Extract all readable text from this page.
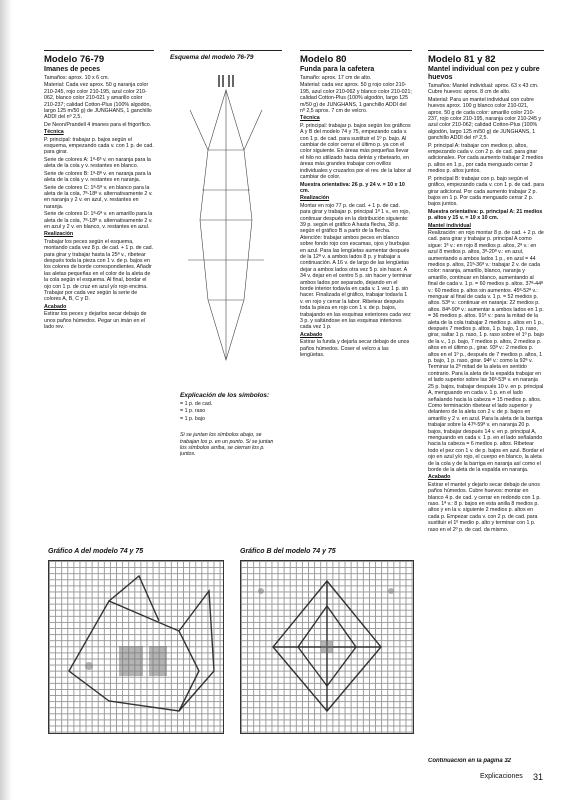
Modelo 76-79

Imanes de peces

Tamaños: aprox. 10 x 6 cm.

Material: Cada vez aprox. 50 g naranja color 210-245, rojo color 210-195, azul color 210-062, blanco color 210-021 y amarillo color 210-237; calidad Cotton-Plus (100% algodón, largo 125 m/50 g) de JUNGHANS, 1 ganchillo ADDI del nº 2,5.

De Neon/Prandell 4 imanes para el frigorífico.

Técnica

P. principal: trabajar p. bajos según el esquema, empezando cada v. con 1 p. de cad. para girar.

Serie de colores A: 1ª-6ª v. en naranja para la aleta de la cola y v. restantes en blanco.

Serie de colores B: 1ª-8ª v. en naranja para la aleta de la cola y v. restantes en naranja.

Serie de colores C: 1ª-5ª v. en blanco para la aleta de la cola, 7ª-18ª v. alternativamente 2 v. en naranja y 2 v. en azul, v. restantes en naranja.

Serie de colores D: 1ª-6ª v. en amarillo para la aleta de la cola, 7ª-18ª v. alternativamente 2 v. en azul y 2 v. en blanco, v. restantes en azul.

Realización

Trabajar los peces según el esquema, montando cada vez 8 p. de cad. + 1 p. de cad. para girar y trabajar hasta la 25ª v., ribetear después toda la pieza con 1 v. de p. bajos en los colores de borde correspondientes. Añadir las aletas pequeñas en el color de la aleta de la cola según el esquema. Al final, bordar el ojo con 1 p. de cruz en azul y/o rojo encima. Trabajar por cada vez según la serie de colores A, B, C y D.

Acabado

Estirar los peces y dejarlos secar debajo de unos paños húmedos. Pegar un imán en el lado rev.

Esquema del modelo 76-79

Explicación de los símbolos:

= 1 p. de cad.

= 1 p. raso

= 1 p. bajo

Si se juntan los símbolos abajo, se trabajan los p. en un punto. Si se juntan los símbolos arriba, se cierran los p. juntos.

Modelo 80

Funda para la cafetera

Tamaño: aprox. 17 cm de alto.

Material: cada vez aprox. 50 g rojo color 210-195, azul color 210-062 y blanco color 210-021; calidad Cotton-Plus (100% algodón, largo 125 m/50 g) de JUNGHANS, 1 ganchillo ADDI del nº 2,5 aprox. 7 cm de velcro.

Técnica

P. principal: trabajar p. bajos según los gráficos A y B del modelo 74 y 75, empezando cada v. con 1 p. de cad. para sustituir el 1º p. bajo. Al cambiar de color cerrar el último p. ya con el color siguiente. En áreas más pequeñas llevar el hilo no utilizado hacia detrás y ribetearlo, en áreas más grandes trabajar con ovillos individuales y cruzarlos por el rev. de la labor al cambiar de color.

Muestra orientativa: 26 p. y 24 v. = 10 x 10 cm.

Realización

Montar en rojo 77 p. de cad. + 1 p. de cad. para girar y trabajar p. principal 1ª 1 v., en rojo, continuar después en la distribución siguiente: 39 p. según el gráfico A hasta flecha, 38 p. según el gráfico B a partir de la flecha. Atención: trabajar ambos peces en blanco sobre fondo rojo con escamas, ojos y burbujas en azul. Para las lengüetas aumentar después de la 12ª v. a ambos lados 8 p. y trabajar a continuación. A 16 v. de largo de las lengüetas dejar a ambos lados otra vez 5 p. sin hacer. A 34 v. dejar en el centro 5 p. sin hacer y terminar ambos lados por separado, dejando en el borde interior todavía en cada v. 1 vez 1 p. sin hacer. Finalizada el gráfico, trabajar todavía 1 v. en rojo y cerrar la labor. Ribetear después toda la pieza en rojo con 1 v. de p. bajos, trabajando en las esquinas exteriores cada vez 3 p. y saltándose en las esquinas interiores cada vez 1 p.

Acabado

Estirar la funda y dejarla secar debajo de unos paños húmedos. Coser el velcro a las lengüetas.

Modelo 81 y 82

Mantel individual con pez y cubre huevos

Tamaños: Mantel individual: aprox. 63 x 43 cm. Cubre huevos: aprox. 8 cm de alto.

Material: Para un mantel individual con cubre huevos aprox. 100 g blanco color 210-021, aprox. 50 g de cada color: amarillo color 210-237, rojo color 210-195, naranja color 210-245 y azul color 210-062; calidad Cotton-Plus (100% algodón, largo 125 m/50 g) de JUNGHANS, 1 ganchillo ADDI del nº 2,5.

P. principal A: trabajar con medios p. altos, empezando cada v. con 2 p. de cad. para girar adicionales. Por cada aumento trabajar 2 medios p. altos en 1 p., por cada menguado cerrar 2 medios p. altos juntos.

P. principal B: trabajar con p. bajo según el gráfico, empezando cada v. con 1 p. de cad. para girar adicional. Por cada aumento trabajar 2 p. bajos en 1 p. Por cada menguado cerrar 2 p. bajos juntos.

Muestra orientativa: p. principal A: 21 medios p. altos y 15 v. = 10 x 10 cm.

Mantel individual

Realización: en rojo montar 8 p. de cad. + 2 p. de cad. para girar y trabajar p. principal A como sigue: 1ª v.: en rojo 8 medios p. altos, 2ª v.: en azul 8 medios p. altos, 3ª-20ª v.: en azul, aumentando a ambos lados 1 p., en azul = 44 medios p. altos, 21ª-36ª v.: trabajar 2 v. de cada color: naranja, amarillo, blanco, naranja y amarillo, continuar en blanco, aumentando al final de cada v. 1 p. = 60 medios p. altos. 37ª-44ª v.: 60 medios p. altos sin aumentos. 45ª-52ª v.: menguar al final de cada v. 1 p. = 52 medios p. altos. 53ª v.: continuar en naranja: 22 medios p. altos. 84ª-90ª v.: aumentar a ambos lados en 1 p. = 36 medios p. altos. 91ª v.: para la mitad de la aleta de la cola trabajar 2 medios p. altos en 1 p., después 7 medios p. altos, 1 p. bajo, 1 p. raso, girar, saltar 1 p. raso, 1 p. raso sobre el 1º p. bajo de la v., 1 p. bajo, 7 medios p. altos, 2 medios p. altos en el último p., girar. 93ª v.: 2 medios p. altos en el 1º p., después de 7 medios p. altos, 1 p. bajo, 1 p. raso, girar. 94ª v.: como la 92ª v. Terminar la 2ª mitad de la aleta en sentido contrario. Para la aleta de la espalda trabajar en el lado superior sobre las 36ª-53ª v. en naranja 25 p. bajos, trabajar después 10 v. en p. principal A, menguando en cada v. 1 p. en el lado señalando hacia la cabeza = 15 medios p. altos. Como terminación ribetear el lado superior y delantero de la aleta con 2 v. de p. bajos en amarillo y 2 v. en azul. Para la aleta de la barriga trabajar sobre la 47ª-59ª v. en naranja 20 p. bajos, trabajar después 14 v. en p. principal A, menguando en cada v. 1 p. en el lado señalando hacia la cabeza = 6 medios p. altos. Ribetear todo el pez con 1 v. de p. bajos en azul. Bordar el ojo en azul y/o rojo, el cuerpo en blanco, la aleta de la cola y de la barriga en naranja así como el borde de la aleta de la espalda en naranja.

Acabado

Estirar el mantel y dejarlo secar debajo de unos paños húmedos. Cubre huevos: montar en blanco 4 p. de cad. y cerrar en redondo con 1 p. raso. 1ª v.: 8 p. bajos en esta anilla 8 medios p. altos y en la v. siguiente 2 medios p. altos en cada p. Empezar cada v. con 2 p. de cad. para sustituir el 1º medio p. alto y terminar con 1 p. raso en el 2º p. de cad. da mismo.

Continuación en la página 32
Gráfico A del modelo 74 y 75	Gráfico B del modelo 74 y 75
Explicaciones 31
